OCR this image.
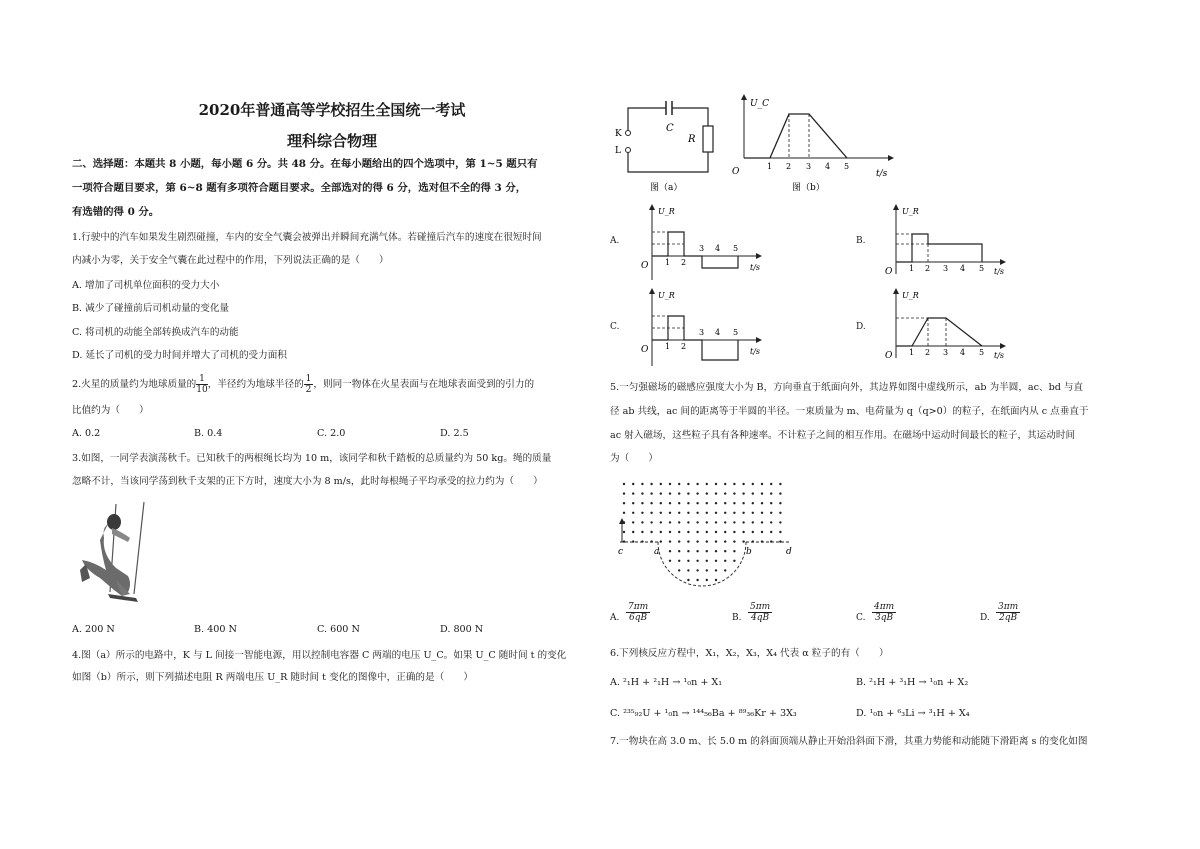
2020年普通高等学校招生全国统一考试
理科综合物理
二、选择题：本题共 8 小题，每小题 6 分。共 48 分。在每小题给出的四个选项中，第 1~5 题只有
一项符合题目要求，第 6~8 题有多项符合题目要求。全部选对的得 6 分，选对但不全的得 3 分，
有选错的得 0 分。
1.行驶中的汽车如果发生剧烈碰撞，车内的安全气囊会被弹出并瞬间充满气体。若碰撞后汽车的速度在很短时间
内减小为零，关于安全气囊在此过程中的作用，下列说法正确的是（　　）
A. 增加了司机单位面积的受力大小
B. 减少了碰撞前后司机动量的变化量
C. 将司机的动能全部转换成汽车的动能
D. 延长了司机的受力时间并增大了司机的受力面积
2.火星的质量约为地球质量的 $\frac{1}{10}$ ，半径约为地球半径的 $\frac{1}{2}$ ，则同一物体在火星表面与在地球表面受到的引力的
比值约为（　　）
A. 0.2	B. 0.4	C. 2.0	D. 2.5
3.如图，一同学表演荡秋千。已知秋千的两根绳长均为 10 m，该同学和秋千踏板的总质量约为 50 kg。绳的质量
忽略不计，当该同学荡到秋千支架的正下方时，速度大小为 8 m/s，此时每根绳子平均承受的拉力约为（　　）
A. 200 N	B. 400 N	C. 600 N	D. 800 N
4.图（a）所示的电路中，K 与 L 间接一智能电源，用以控制电容器 C 两端的电压 U_C。如果 U_C 随时间 t 的变化
如图（b）所示，则下列描述电阻 R 两端电压 U_R 随时间 t 变化的图像中，正确的是（　　）
K
L
C
R
图（a）
U_C
O
1 2 3 4 5
t/s
图（b）
A.
U_R
O 1 2
3 4 5
t/s
B.
U_R
O 1 2 3 4 5 t/s
C.
U_R
O 1 2
3 4 5
t/s
D.
U_R
O 1 2 3 4 5 t/s
5.一匀强磁场的磁感应强度大小为 B，方向垂直于纸面向外，其边界如图中虚线所示，ab 为半圆，ac、bd 与直
径 ab 共线，ac 间的距离等于半圆的半径。一束质量为 m、电荷量为 q（q>0）的粒子，在纸面内从 c 点垂直于
ac 射入磁场，这些粒子具有各种速率。不计粒子之间的相互作用。在磁场中运动时间最长的粒子，其运动时间
为（　　）
c	a	b	d
A. $\frac{7\pi m}{6qB}$	B. $\frac{5\pi m}{4qB}$	C. $\frac{4\pi m}{3qB}$	D. $\frac{3\pi m}{2qB}$
6.下列核反应方程中，X₁，X₂，X₃，X₄ 代表 α 粒子的有（　　）
A. ²₁H + ²₁H → ¹₀n + X₁	B. ²₁H + ³₁H → ¹₀n + X₂
C. ²³⁵₉₂U + ¹₀n → ¹⁴⁴₅₆Ba + ⁸⁹₃₆Kr + 3X₃	D. ¹₀n + ⁶₃Li → ³₁H + X₄
7.一物块在高 3.0 m、长 5.0 m 的斜面顶端从静止开始沿斜面下滑，其重力势能和动能随下滑距离 s 的变化如图
